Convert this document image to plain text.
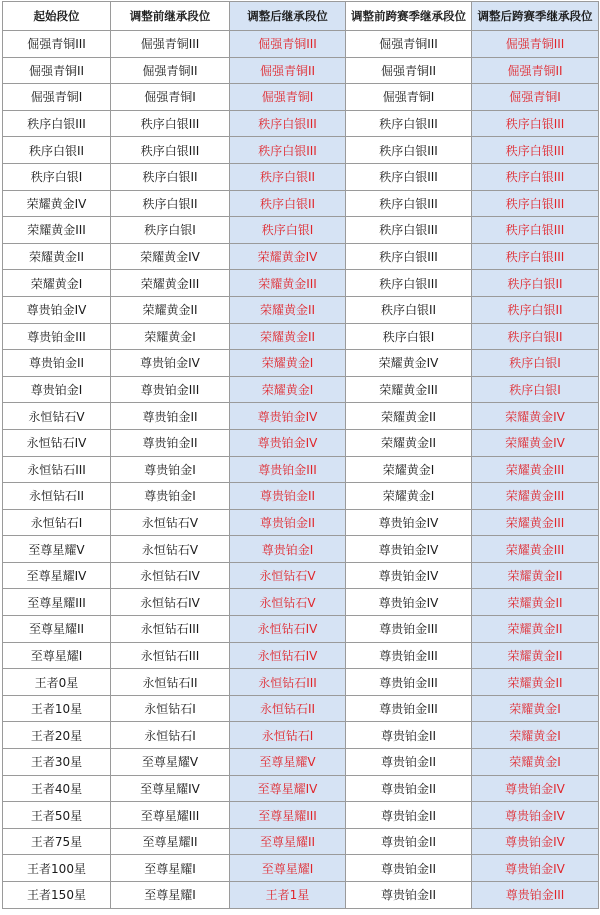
起始段位	调整前继承段位	调整后继承段位	调整前跨赛季继承段位	调整后跨赛季继承段位
倔强青铜III	倔强青铜III	倔强青铜III	倔强青铜III	倔强青铜III
倔强青铜II	倔强青铜II	倔强青铜II	倔强青铜II	倔强青铜II
倔强青铜I	倔强青铜I	倔强青铜I	倔强青铜I	倔强青铜I
秩序白银III	秩序白银III	秩序白银III	秩序白银III	秩序白银III
秩序白银II	秩序白银III	秩序白银III	秩序白银III	秩序白银III
秩序白银I	秩序白银II	秩序白银II	秩序白银III	秩序白银III
荣耀黄金IV	秩序白银II	秩序白银II	秩序白银III	秩序白银III
荣耀黄金III	秩序白银I	秩序白银I	秩序白银III	秩序白银III
荣耀黄金II	荣耀黄金IV	荣耀黄金IV	秩序白银III	秩序白银III
荣耀黄金I	荣耀黄金III	荣耀黄金III	秩序白银III	秩序白银II
尊贵铂金IV	荣耀黄金II	荣耀黄金II	秩序白银II	秩序白银II
尊贵铂金III	荣耀黄金I	荣耀黄金II	秩序白银I	秩序白银II
尊贵铂金II	尊贵铂金IV	荣耀黄金I	荣耀黄金IV	秩序白银I
尊贵铂金I	尊贵铂金III	荣耀黄金I	荣耀黄金III	秩序白银I
永恒钻石V	尊贵铂金II	尊贵铂金IV	荣耀黄金II	荣耀黄金IV
永恒钻石IV	尊贵铂金II	尊贵铂金IV	荣耀黄金II	荣耀黄金IV
永恒钻石III	尊贵铂金I	尊贵铂金III	荣耀黄金I	荣耀黄金III
永恒钻石II	尊贵铂金I	尊贵铂金II	荣耀黄金I	荣耀黄金III
永恒钻石I	永恒钻石V	尊贵铂金II	尊贵铂金IV	荣耀黄金III
至尊星耀V	永恒钻石V	尊贵铂金I	尊贵铂金IV	荣耀黄金III
至尊星耀IV	永恒钻石IV	永恒钻石V	尊贵铂金IV	荣耀黄金II
至尊星耀III	永恒钻石IV	永恒钻石V	尊贵铂金IV	荣耀黄金II
至尊星耀II	永恒钻石III	永恒钻石IV	尊贵铂金III	荣耀黄金II
至尊星耀I	永恒钻石III	永恒钻石IV	尊贵铂金III	荣耀黄金II
王者0星	永恒钻石II	永恒钻石III	尊贵铂金III	荣耀黄金II
王者10星	永恒钻石I	永恒钻石II	尊贵铂金III	荣耀黄金I
王者20星	永恒钻石I	永恒钻石I	尊贵铂金II	荣耀黄金I
王者30星	至尊星耀V	至尊星耀V	尊贵铂金II	荣耀黄金I
王者40星	至尊星耀IV	至尊星耀IV	尊贵铂金II	尊贵铂金IV
王者50星	至尊星耀III	至尊星耀III	尊贵铂金II	尊贵铂金IV
王者75星	至尊星耀II	至尊星耀II	尊贵铂金II	尊贵铂金IV
王者100星	至尊星耀I	至尊星耀I	尊贵铂金II	尊贵铂金IV
王者150星	至尊星耀I	王者1星	尊贵铂金II	尊贵铂金III
